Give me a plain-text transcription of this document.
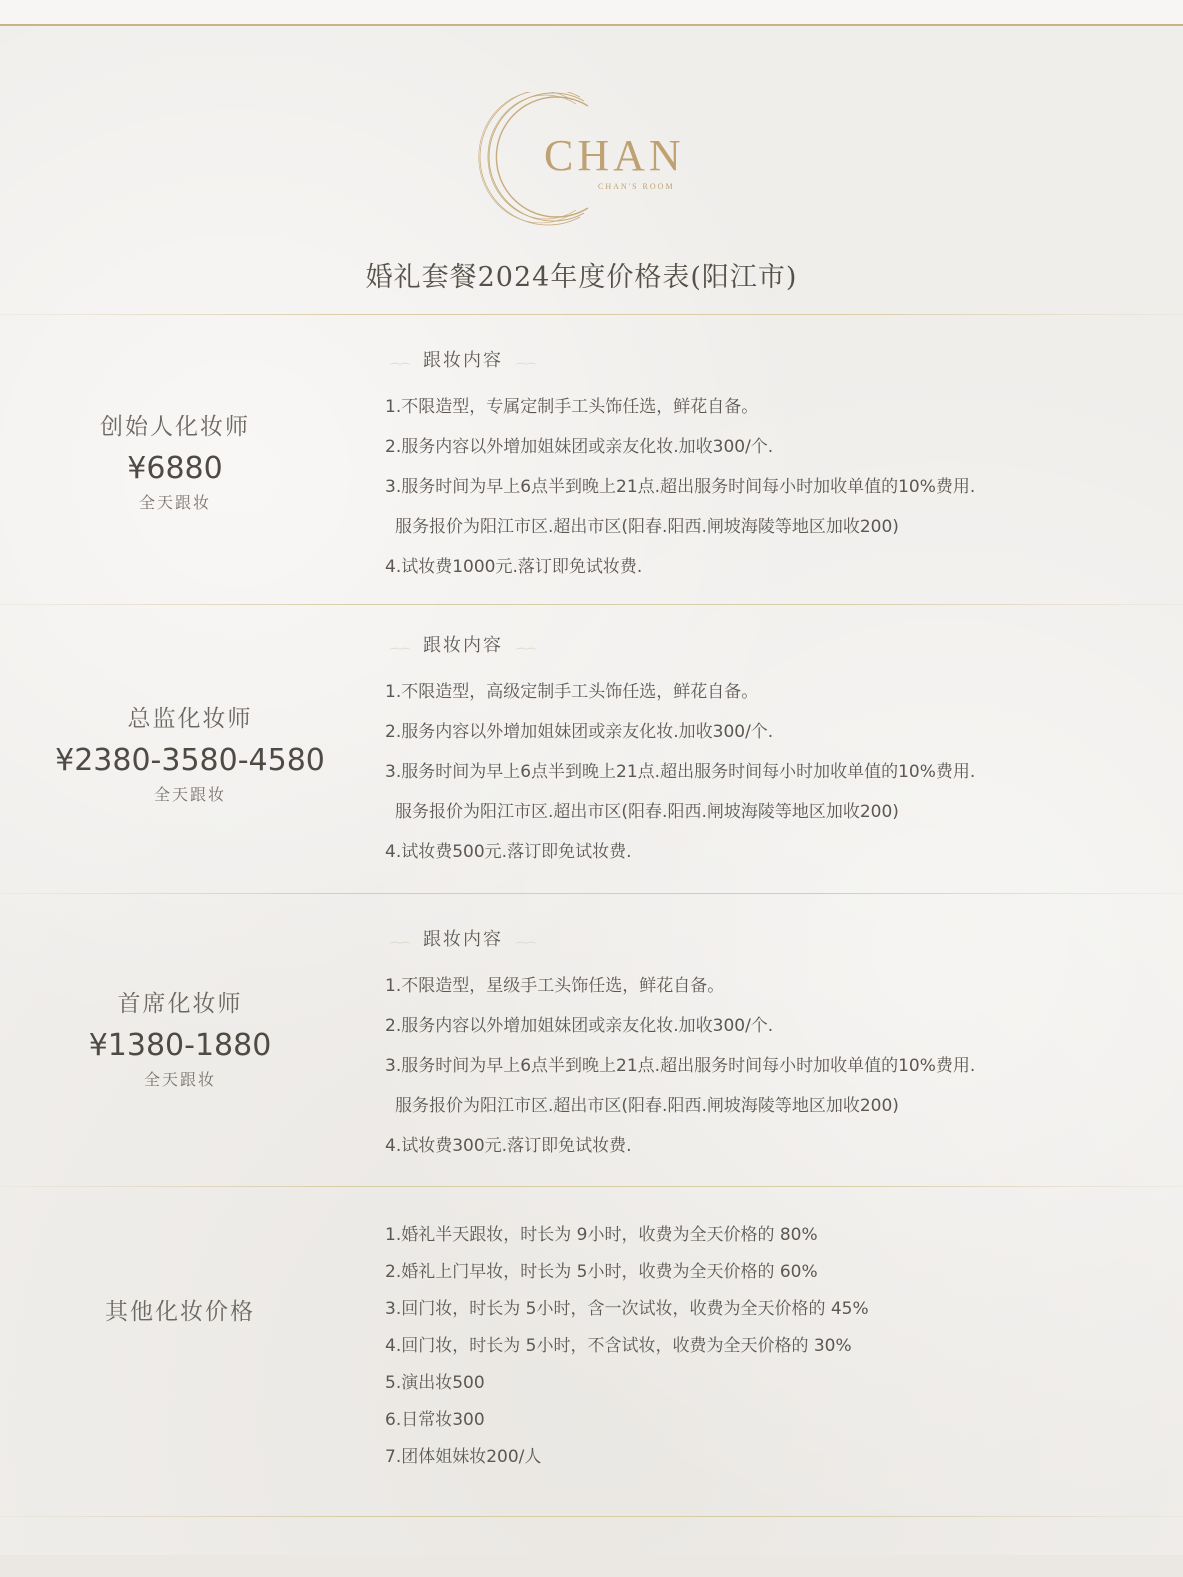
CHAN
CHAN'S ROOM
婚礼套餐2024年度价格表(阳江市)
创始人化妆师
¥6880
全天跟妆
⌒⌒ 跟妆内容 ⌒⌒
1.不限造型，专属定制手工头饰任选，鲜花自备。
2.服务内容以外增加姐妹团或亲友化妆.加收300/个.
3.服务时间为早上6点半到晚上21点.超出服务时间每小时加收单值的10%费用.
服务报价为阳江市区.超出市区(阳春.阳西.闸坡海陵等地区加收200)
4.试妆费1000元.落订即免试妆费.
总监化妆师
¥2380-3580-4580
全天跟妆
⌒⌒ 跟妆内容 ⌒⌒
1.不限造型，高级定制手工头饰任选，鲜花自备。
2.服务内容以外增加姐妹团或亲友化妆.加收300/个.
3.服务时间为早上6点半到晚上21点.超出服务时间每小时加收单值的10%费用.
服务报价为阳江市区.超出市区(阳春.阳西.闸坡海陵等地区加收200)
4.试妆费500元.落订即免试妆费.
首席化妆师
¥1380-1880
全天跟妆
⌒⌒ 跟妆内容 ⌒⌒
1.不限造型，星级手工头饰任选，鲜花自备。
2.服务内容以外增加姐妹团或亲友化妆.加收300/个.
3.服务时间为早上6点半到晚上21点.超出服务时间每小时加收单值的10%费用.
服务报价为阳江市区.超出市区(阳春.阳西.闸坡海陵等地区加收200)
4.试妆费300元.落订即免试妆费.
其他化妆价格
1.婚礼半天跟妆，时长为 9小时，收费为全天价格的 80%
2.婚礼上门早妆，时长为 5小时，收费为全天价格的 60%
3.回门妆，时长为 5小时，含一次试妆，收费为全天价格的 45%
4.回门妆，时长为 5小时，不含试妆，收费为全天价格的 30%
5.演出妆500
6.日常妆300
7.团体姐妹妆200/人
